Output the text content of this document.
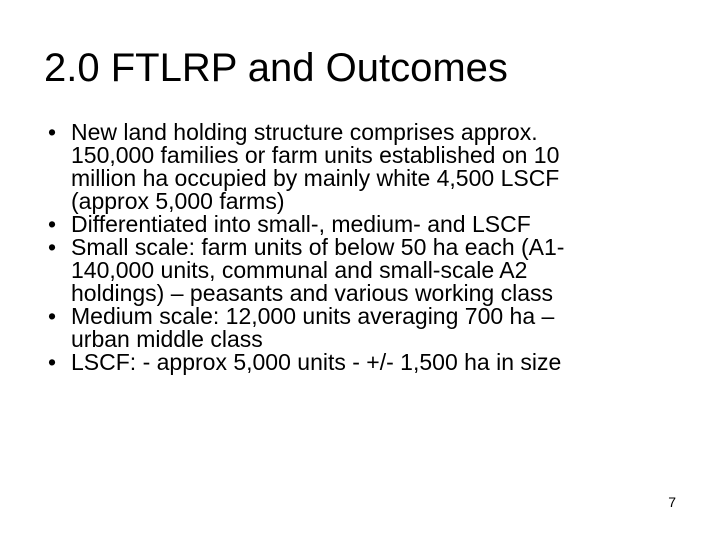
2.0 FTLRP and Outcomes
• New land holding structure comprises approx.
150,000 families or farm units established on 10
million ha occupied by mainly white 4,500 LSCF
(approx 5,000 farms)
• Differentiated into small-, medium- and LSCF
• Small scale: farm units of below 50 ha each (A1-
140,000 units, communal and small-scale A2
holdings) – peasants and various working class
• Medium scale: 12,000 units averaging 700 ha –
urban middle class
• LSCF: - approx 5,000 units - +/- 1,500 ha in size
7
